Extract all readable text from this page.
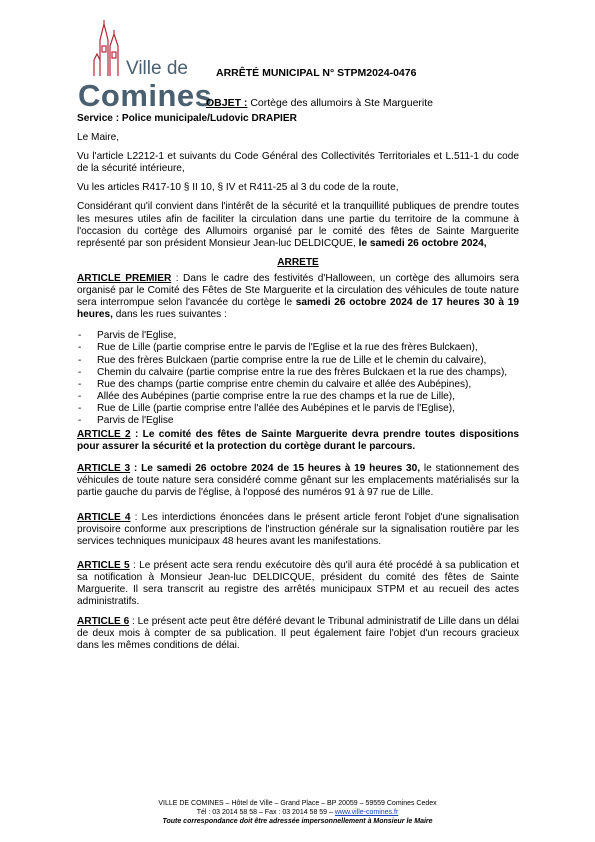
Ville de
Comines
ARRÊTÉ MUNICIPAL N° STPM2024-0476
OBJET : Cortège des allumoirs à Ste Marguerite

Service : Police municipale/Ludovic DRAPIER

Le Maire,

Vu l'article L2212-1 et suivants du Code Général des Collectivités Territoriales et L.511-1 du code de la sécurité intérieure,

Vu les articles R417-10 § II 10, § IV et R411-25 al 3 du code de la route,

Considérant qu'il convient dans l'intérêt de la sécurité et la tranquillité publiques de prendre toutes les mesures utiles afin de faciliter la circulation dans une partie du territoire de la commune à l'occasion du cortège des Allumoirs organisé par le comité des fêtes de Sainte Marguerite représenté par son président Monsieur Jean-luc DELDICQUE, le samedi 26 octobre 2024,

ARRETE

ARTICLE PREMIER : Dans le cadre des festivités d'Halloween, un cortège des allumoirs sera organisé par le Comité des Fêtes de Ste Marguerite et la circulation des véhicules de toute nature sera interrompue selon l'avancée du cortège le samedi 26 octobre 2024 de 17 heures 30 à 19 heures, dans les rues suivantes :

- Parvis de l'Eglise,
- Rue de Lille (partie comprise entre le parvis de l'Eglise et la rue des frères Bulckaen),
- Rue des frères Bulckaen (partie comprise entre la rue de Lille et le chemin du calvaire),
- Chemin du calvaire (partie comprise entre la rue des frères Bulckaen et la rue des champs),
- Rue des champs (partie comprise entre chemin du calvaire et allée des Aubépines),
- Allée des Aubépines (partie comprise entre la rue des champs et la rue de Lille),
- Rue de Lille (partie comprise entre l'allée des Aubépines et le parvis de l'Eglise),
- Parvis de l'Eglise

ARTICLE 2 : Le comité des fêtes de Sainte Marguerite devra prendre toutes dispositions pour assurer la sécurité et la protection du cortège durant le parcours.

ARTICLE 3 : Le samedi 26 octobre 2024 de 15 heures à 19 heures 30, le stationnement des véhicules de toute nature sera considéré comme gênant sur les emplacements matérialisés sur la partie gauche du parvis de l'église, à l'opposé des numéros 91 à 97 rue de Lille.

ARTICLE 4 : Les interdictions énoncées dans le présent article feront l'objet d'une signalisation provisoire conforme aux prescriptions de l'instruction générale sur la signalisation routière par les services techniques municipaux 48 heures avant les manifestations.

ARTICLE 5 : Le présent acte sera rendu exécutoire dès qu'il aura été procédé à sa publication et sa notification à Monsieur Jean-luc DELDICQUE, président du comité des fêtes de Sainte Marguerite. Il sera transcrit au registre des arrêtés municipaux STPM et au recueil des actes administratifs.

ARTICLE 6 : Le présent acte peut être déféré devant le Tribunal administratif de Lille dans un délai de deux mois à compter de sa publication. Il peut également faire l'objet d'un recours gracieux dans les mêmes conditions de délai.

VILLE DE COMINES – Hôtel de Ville – Grand Place – BP 20059 – 59559 Comines Cedex
Tél : 03 2014 58 58 – Fax : 03 2014 58 59 – www.ville-comines.fr
Toute correspondance doit être adressée impersonnellement à Monsieur le Maire
